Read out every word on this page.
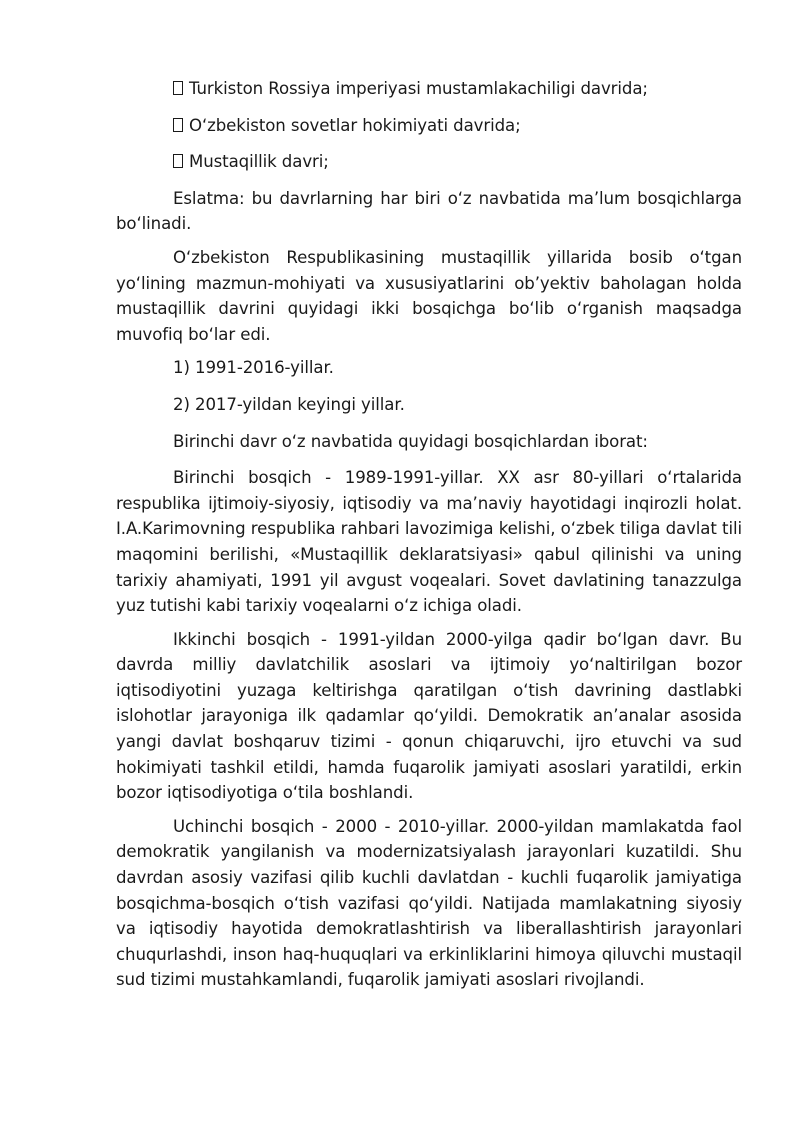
Turkiston Rossiya imperiyasi mustamlakachiligi davrida;

O‘zbekiston sovetlar hokimiyati davrida;

Mustaqillik davri;

Eslatma: bu davrlarning har biri o‘z navbatida ma’lum bosqichlarga bo‘linadi.

O‘zbekiston Respublikasining mustaqillik yillarida bosib o‘tgan yo‘lining mazmun-mohiyati va xususiyatlarini ob’yektiv baholagan holda mustaqillik davrini quyidagi ikki bosqichga bo‘lib o‘rganish maqsadga muvofiq bo‘lar edi.

1) 1991-2016-yillar.

2) 2017-yildan keyingi yillar.

Birinchi davr o‘z navbatida quyidagi bosqichlardan iborat:

Birinchi bosqich - 1989-1991-yillar. XX asr 80-yillari o‘rtalarida respublika ijtimoiy-siyosiy, iqtisodiy va ma’naviy hayotidagi inqirozli holat. I.A.Karimovning respublika rahbari lavozimiga kelishi, o‘zbek tiliga davlat tili maqomini berilishi, «Mustaqillik deklaratsiyasi» qabul qilinishi va uning tarixiy ahamiyati, 1991 yil avgust voqealari. Sovet davlatining tanazzulga yuz tutishi kabi tarixiy voqealarni o‘z ichiga oladi.

Ikkinchi bosqich - 1991-yildan 2000-yilga qadir bo‘lgan davr. Bu davrda milliy davlatchilik asoslari va ijtimoiy yo‘naltirilgan bozor iqtisodiyotini yuzaga keltirishga qaratilgan o‘tish davrining dastlabki islohotlar jarayoniga ilk qadamlar qo‘yildi. Demokratik an’analar asosida yangi davlat boshqaruv tizimi - qonun chiqaruvchi, ijro etuvchi va sud hokimiyati tashkil etildi, hamda fuqarolik jamiyati asoslari yaratildi, erkin bozor iqtisodiyotiga o‘tila boshlandi.

Uchinchi bosqich - 2000 - 2010-yillar. 2000-yildan mamlakatda faol demokratik yangilanish va modernizatsiyalash jarayonlari kuzatildi. Shu davrdan asosiy vazifasi qilib kuchli davlatdan - kuchli fuqarolik jamiyatiga bosqichma-bosqich o‘tish vazifasi qo‘yildi. Natijada mamlakatning siyosiy va iqtisodiy hayotida demokratlashtirish va liberallashtirish jarayonlari chuqurlashdi, inson haq-huquqlari va erkinliklarini himoya qiluvchi mustaqil sud tizimi mustahkamlandi, fuqarolik jamiyati asoslari rivojlandi.
